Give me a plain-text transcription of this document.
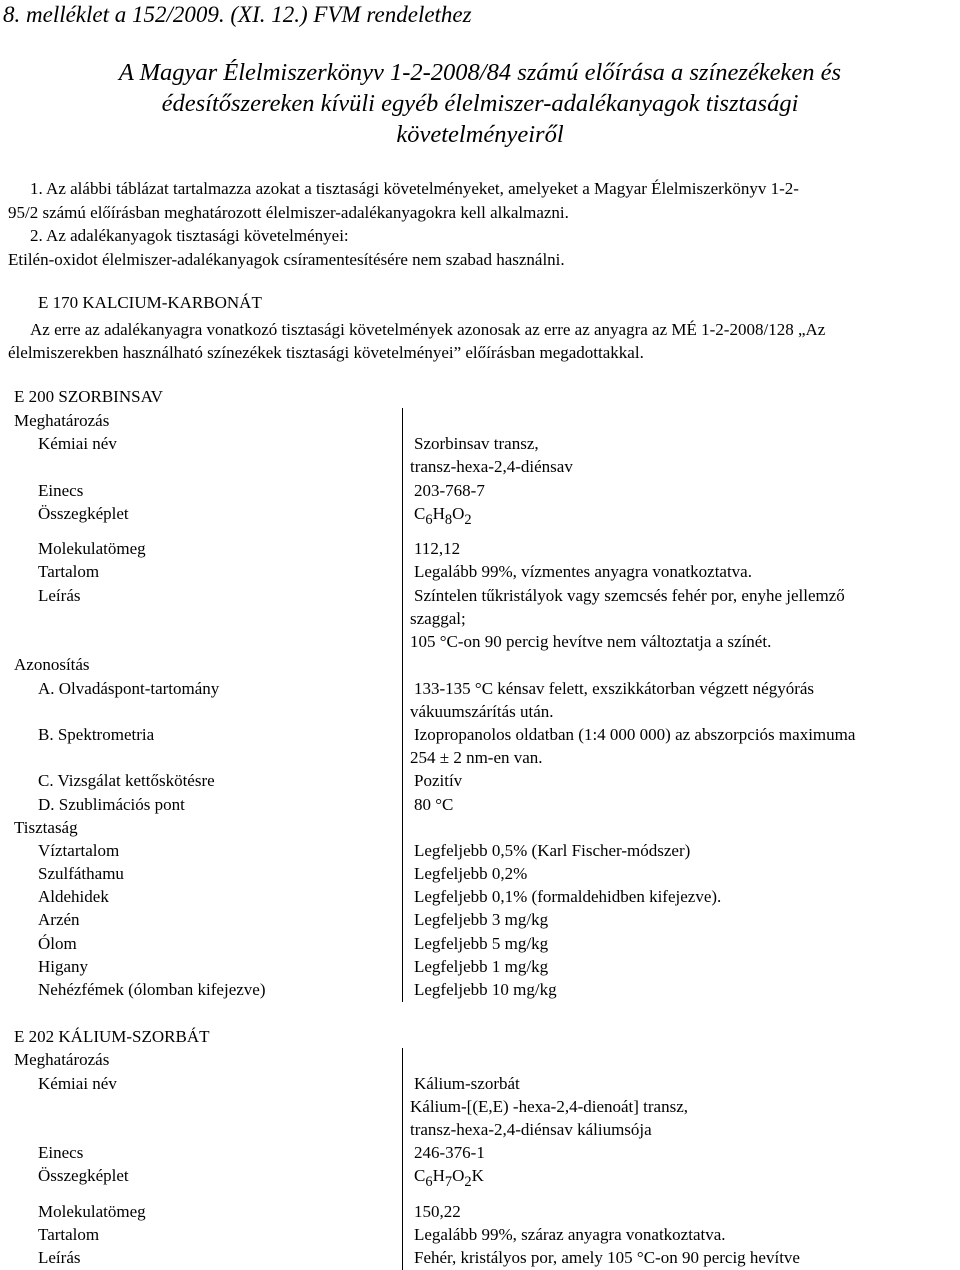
8. melléklet a 152/2009. (XI. 12.) FVM rendelethez
A Magyar Élelmiszerkönyv 1-2-2008/84 számú előírása a színezékeken és
édesítőszereken kívüli egyéb élelmiszer-adalékanyagok tisztasági
követelményeiről
1. Az alábbi táblázat tartalmazza azokat a tisztasági követelményeket, amelyeket a Magyar Élelmiszerkönyv 1-2-
95/2 számú előírásban meghatározott élelmiszer-adalékanyagokra kell alkalmazni.
2. Az adalékanyagok tisztasági követelményei:
Etilén-oxidot élelmiszer-adalékanyagok csíramentesítésére nem szabad használni.
E 170 KALCIUM-KARBONÁT
Az erre az adalékanyagra vonatkozó tisztasági követelmények azonosak az erre az anyagra az MÉ 1-2-2008/128 „Az
élelmiszerekben használható színezékek tisztasági követelményei” előírásban megadottakkal.
E 200 SZORBINSAV
Meghatározás
Kémiai név	Szorbinsav transz,
transz-hexa-2,4-diénsav
Einecs	203-768-7
Összegképlet	$C_6H_8O_2$
Molekulatömeg	112,12
Tartalom	Legalább 99%, vízmentes anyagra vonatkoztatva.
Leírás	Színtelen tűkristályok vagy szemcsés fehér por, enyhe jellemző
szaggal;
105 °C-on 90 percig hevítve nem változtatja a színét.
Azonosítás
A. Olvadáspont-tartomány	133-135 °C kénsav felett, exszikkátorban végzett négyórás
vákuumszárítás után.
B. Spektrometria	Izopropanolos oldatban (1:4 000 000) az abszorpciós maximuma
254 ± 2 nm-en van.
C. Vizsgálat kettőskötésre	Pozitív
D. Szublimációs pont	80 °C
Tisztaság
Víztartalom	Legfeljebb 0,5% (Karl Fischer-módszer)
Szulfáthamu	Legfeljebb 0,2%
Aldehidek	Legfeljebb 0,1% (formaldehidben kifejezve).
Arzén	Legfeljebb 3 mg/kg
Ólom	Legfeljebb 5 mg/kg
Higany	Legfeljebb 1 mg/kg
Nehézfémek (ólomban kifejezve)	Legfeljebb 10 mg/kg
E 202 KÁLIUM-SZORBÁT
Meghatározás
Kémiai név	Kálium-szorbát
Kálium-[(E,E) -hexa-2,4-dienoát] transz,
transz-hexa-2,4-diénsav káliumsója
Einecs	246-376-1
Összegképlet	$C_6H_7O_2K$
Molekulatömeg	150,22
Tartalom	Legalább 99%, száraz anyagra vonatkoztatva.
Leírás	Fehér, kristályos por, amely 105 °C-on 90 percig hevítve
